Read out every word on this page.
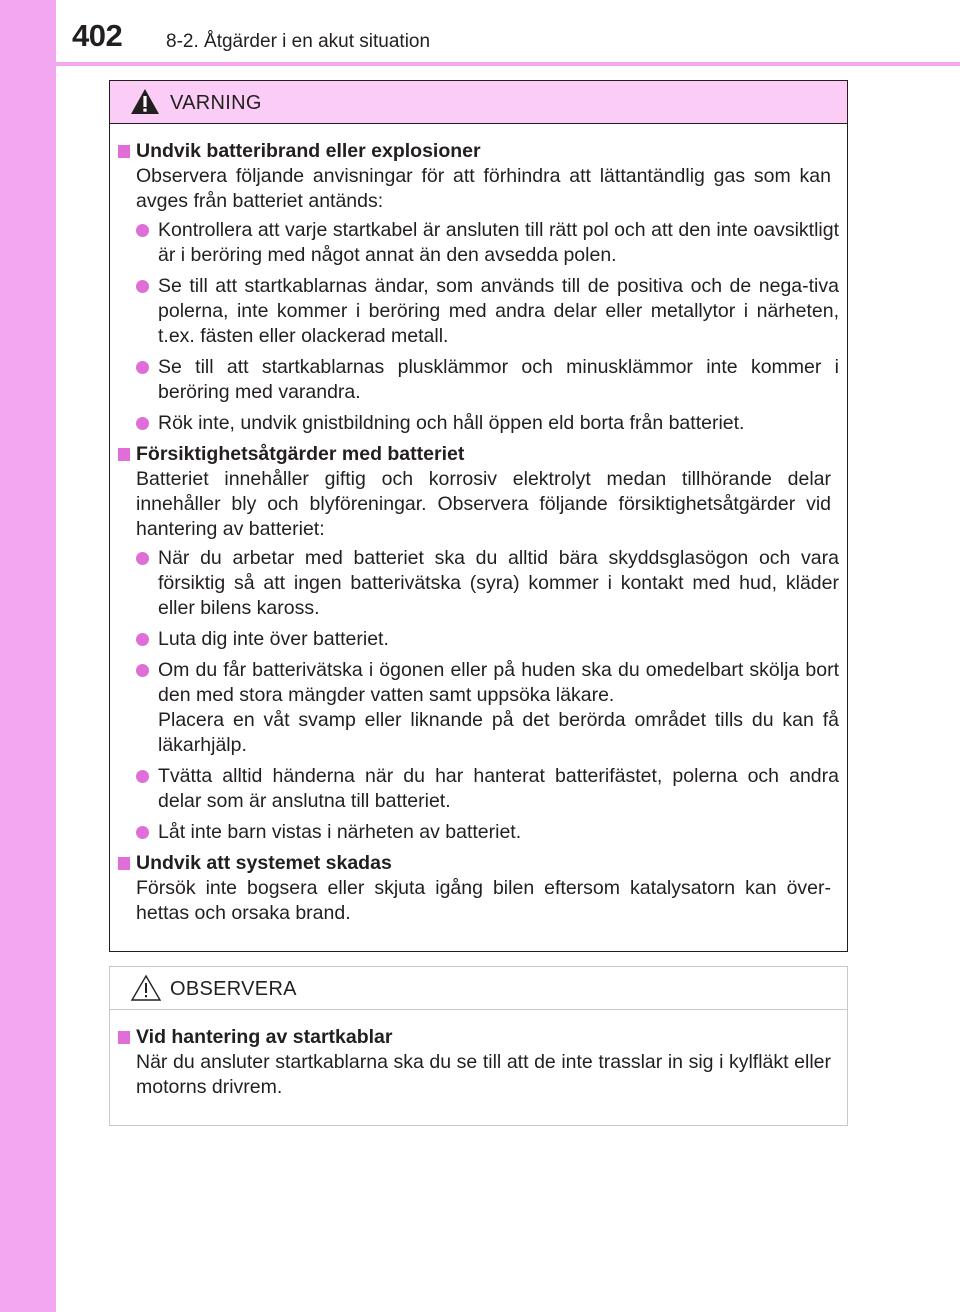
402 8-2. Åtgärder i en akut situation
VARNING
Undvik batteribrand eller explosioner
Observera följande anvisningar för att förhindra att lättantändlig gas som kan avges från batteriet antänds:
Kontrollera att varje startkabel är ansluten till rätt pol och att den inte oavsiktligt är i beröring med något annat än den avsedda polen.
Se till att startkablarnas ändar, som används till de positiva och de nega-tiva polerna, inte kommer i beröring med andra delar eller metallytor i närheten, t.ex. fästen eller olackerad metall.
Se till att startkablarnas plusklämmor och minusklämmor inte kommer i beröring med varandra.
Rök inte, undvik gnistbildning och håll öppen eld borta från batteriet.
Försiktighetsåtgärder med batteriet
Batteriet innehåller giftig och korrosiv elektrolyt medan tillhörande delar innehåller bly och blyföreningar. Observera följande försiktighetsåtgärder vid hantering av batteriet:
När du arbetar med batteriet ska du alltid bära skyddsglasögon och vara försiktig så att ingen batterivätska (syra) kommer i kontakt med hud, kläder eller bilens kaross.
Luta dig inte över batteriet.
Om du får batterivätska i ögonen eller på huden ska du omedelbart skölja bort den med stora mängder vatten samt uppsöka läkare.
Placera en våt svamp eller liknande på det berörda området tills du kan få läkarhjälp.
Tvätta alltid händerna när du har hanterat batterifästet, polerna och andra delar som är anslutna till batteriet.
Låt inte barn vistas i närheten av batteriet.
Undvik att systemet skadas
Försök inte bogsera eller skjuta igång bilen eftersom katalysatorn kan över-hettas och orsaka brand.
OBSERVERA
Vid hantering av startkablar
När du ansluter startkablarna ska du se till att de inte trasslar in sig i kylfläkt eller motorns drivrem.
